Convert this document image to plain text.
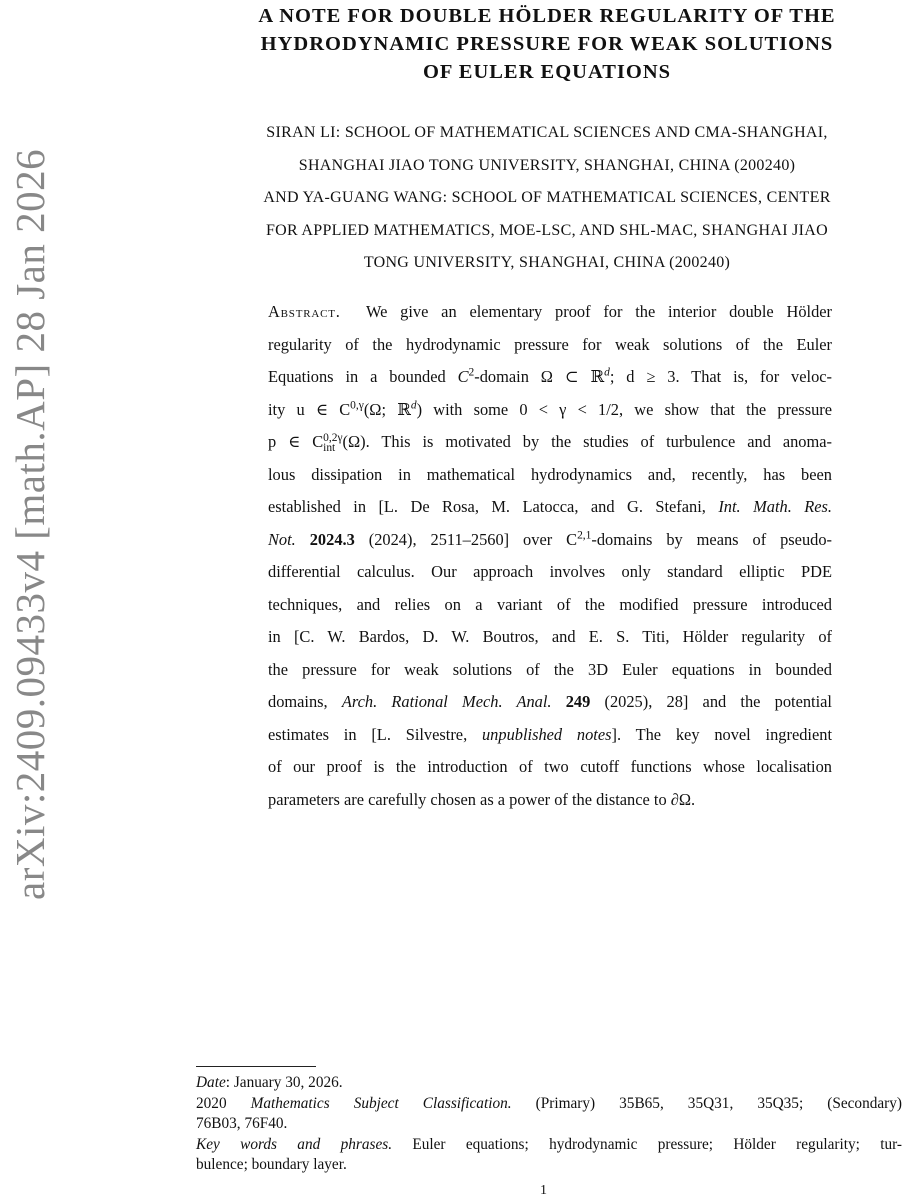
arXiv:2409.09433v4 [math.AP] 28 Jan 2026
A NOTE FOR DOUBLE HÖLDER REGULARITY OF THE
HYDRODYNAMIC PRESSURE FOR WEAK SOLUTIONS
OF EULER EQUATIONS
SIRAN LI: SCHOOL OF MATHEMATICAL SCIENCES AND CMA-SHANGHAI,
SHANGHAI JIAO TONG UNIVERSITY, SHANGHAI, CHINA (200240)
AND YA-GUANG WANG: SCHOOL OF MATHEMATICAL SCIENCES, CENTER
FOR APPLIED MATHEMATICS, MOE-LSC, AND SHL-MAC, SHANGHAI JIAO
TONG UNIVERSITY, SHANGHAI, CHINA (200240)
Abstract. We give an elementary proof for the interior double Hölder
regularity of the hydrodynamic pressure for weak solutions of the Euler
Equations in a bounded $C^2$-domain Ω ⊂ ℝ$^d$; d ≥ 3. That is, for veloc-
ity u ∈ $C^{0,\gamma}(\Omega$; ℝ$^d$) with some 0 < γ < 1/2, we show that the pressure
p ∈ C 0,2γ
int (Ω). This is motivated by the studies of turbulence and anoma-
lous dissipation in mathematical hydrodynamics and, recently, has been
established in [L. De Rosa, M. Latocca, and G. Stefani, Int. Math. Res.
Not. 2024.3 (2024), 2511–2560] over C$^{2,1}$-domains by means of pseudo-
differential calculus. Our approach involves only standard elliptic PDE
techniques, and relies on a variant of the modified pressure introduced
in [C. W. Bardos, D. W. Boutros, and E. S. Titi, Hölder regularity of
the pressure for weak solutions of the 3D Euler equations in bounded
domains, Arch. Rational Mech. Anal. 249 (2025), 28] and the potential
estimates in [L. Silvestre, unpublished notes]. The key novel ingredient
of our proof is the introduction of two cutoff functions whose localisation
parameters are carefully chosen as a power of the distance to ∂Ω.
Date: January 30, 2026.
2020 Mathematics Subject Classification. (Primary) 35B65, 35Q31, 35Q35; (Secondary)
76B03, 76F40.
Key words and phrases. Euler equations; hydrodynamic pressure; Hölder regularity; tur-
bulence; boundary layer.
1
